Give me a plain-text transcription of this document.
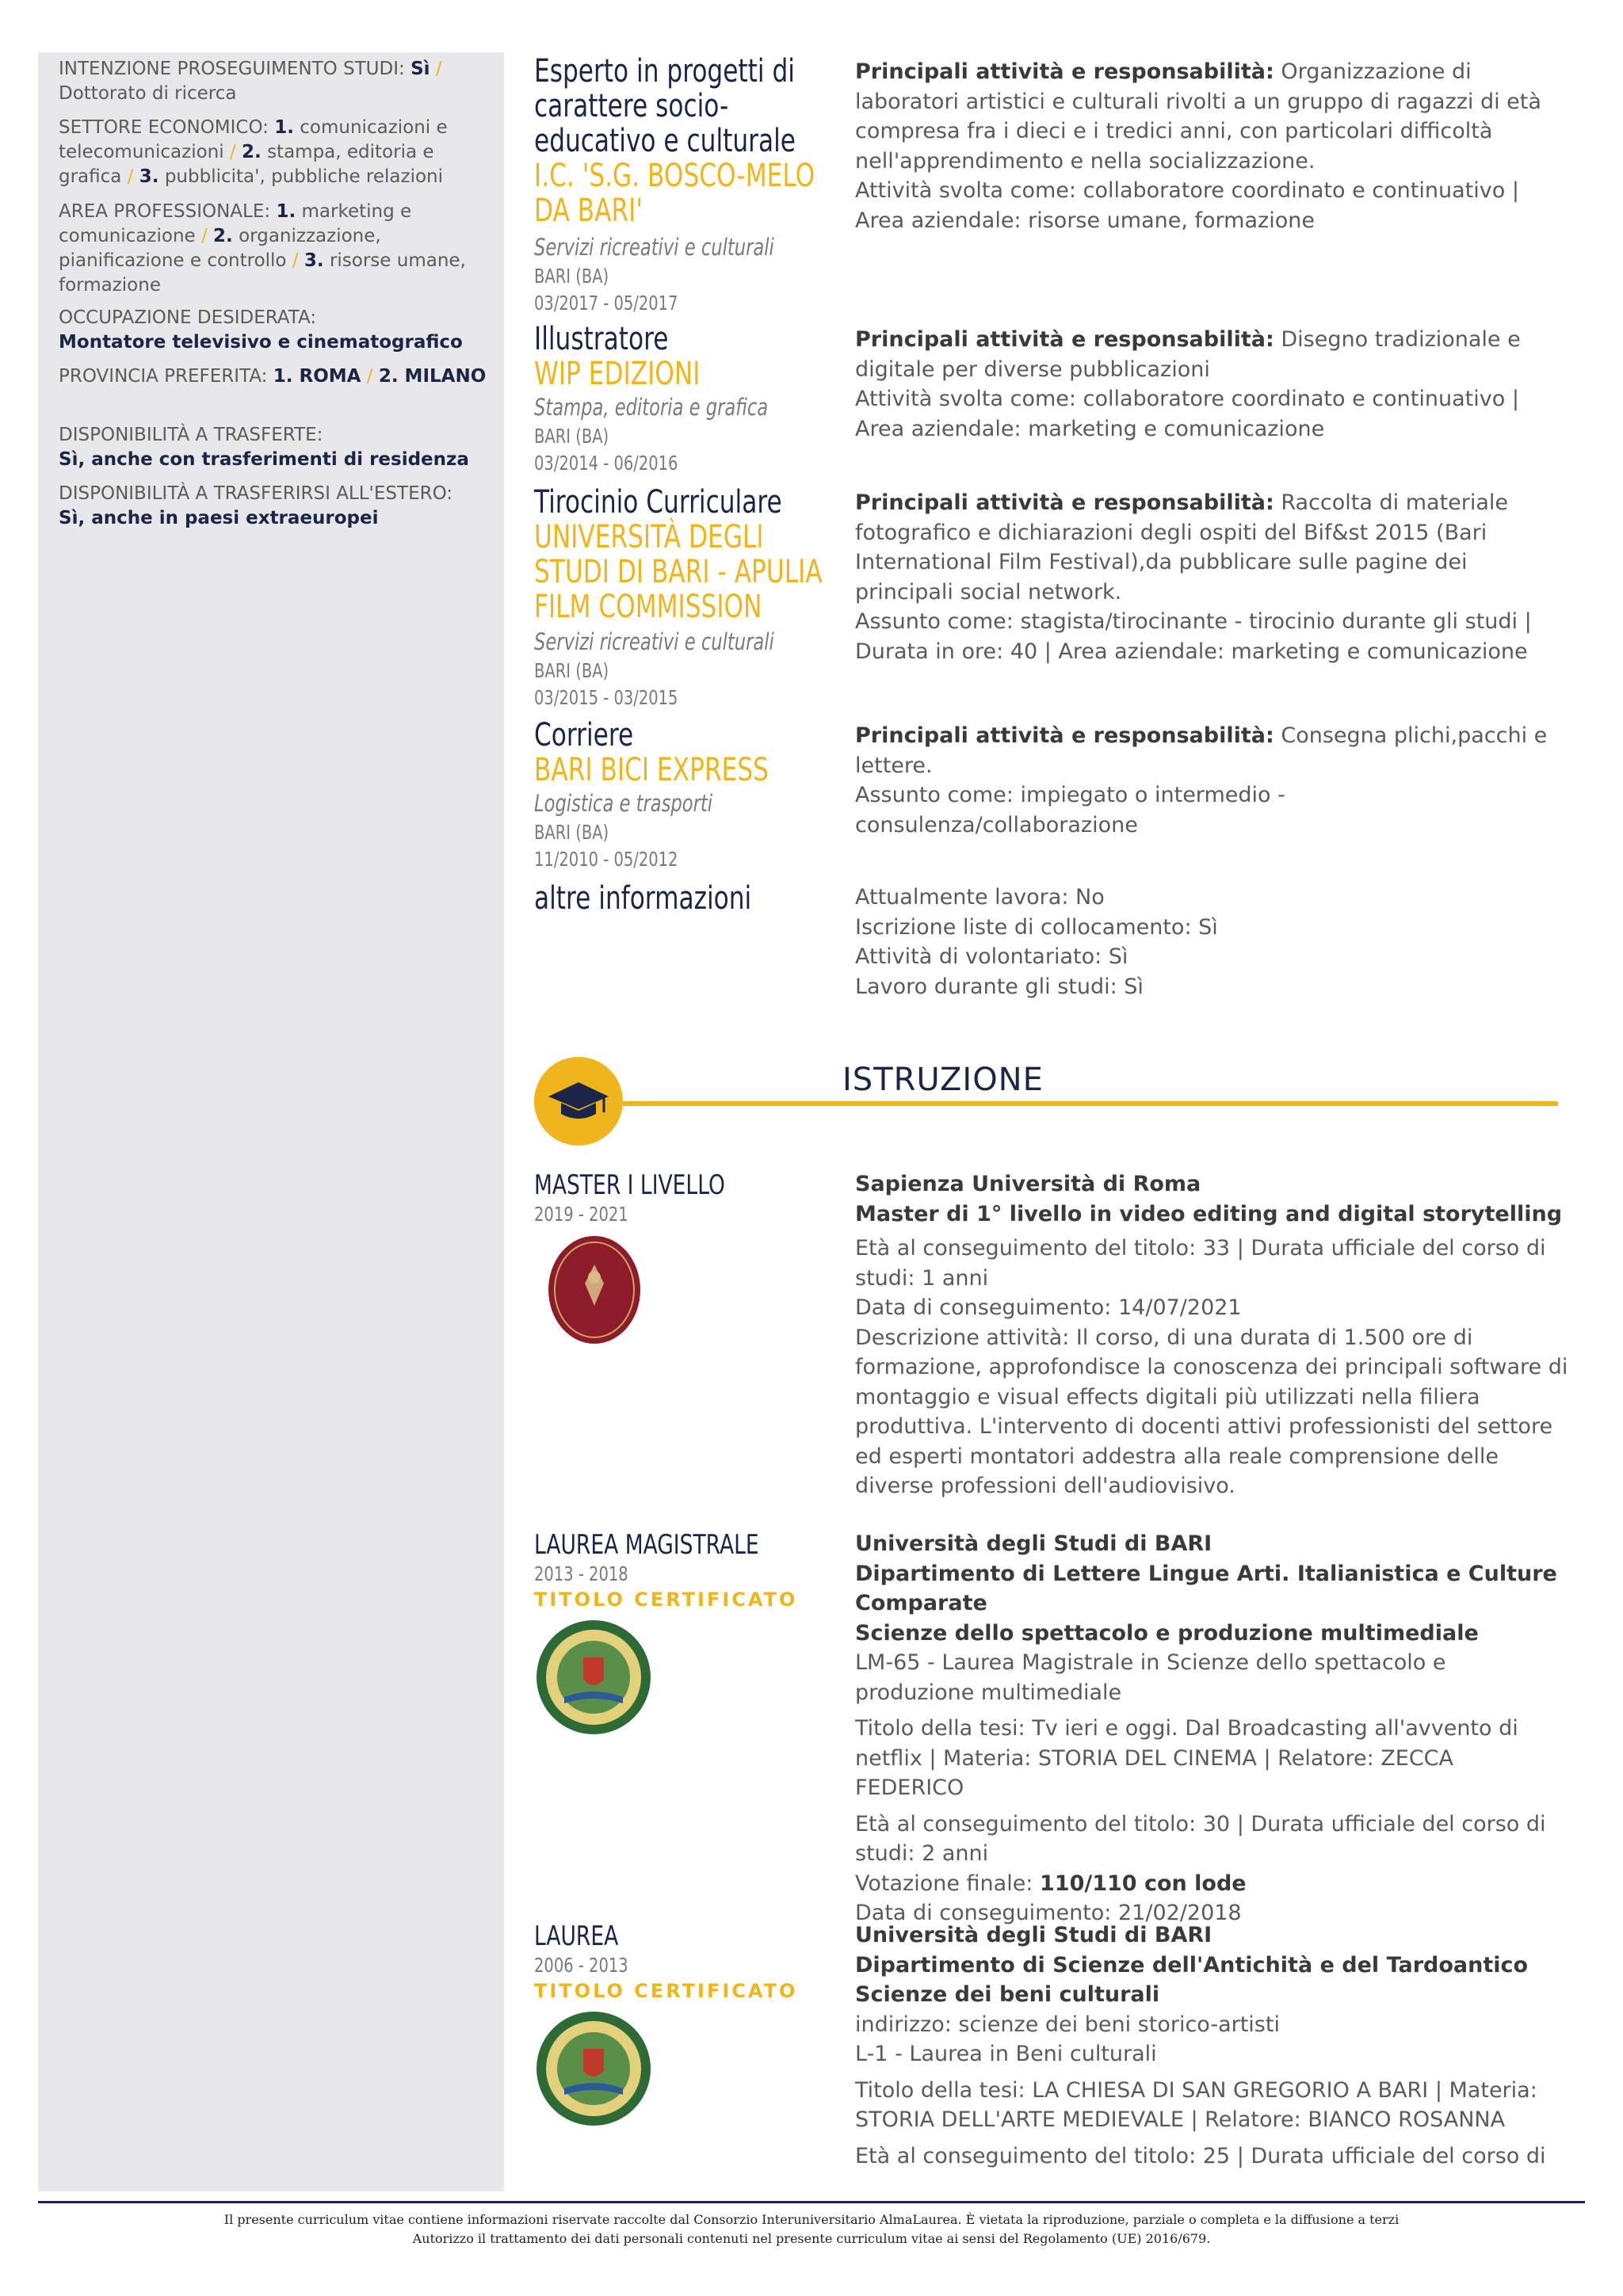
INTENZIONE PROSEGUIMENTO STUDI: Sì /
Dottorato di ricerca
SETTORE ECONOMICO: 1. comunicazioni e telecomunicazioni / 2. stampa, editoria e grafica / 3. pubblicita', pubbliche relazioni
AREA PROFESSIONALE: 1. marketing e comunicazione / 2. organizzazione, pianificazione e controllo / 3. risorse umane, formazione
OCCUPAZIONE DESIDERATA:
Montatore televisivo e cinematografico
PROVINCIA PREFERITA: 1. ROMA / 2. MILANO
DISPONIBILITÀ A TRASFERTE:
Sì, anche con trasferimenti di residenza
DISPONIBILITÀ A TRASFERIRSI ALL'ESTERO:
Sì, anche in paesi extraeuropei
Esperto in progetti di carattere socio-educativo e culturale
I.C. 'S.G. BOSCO-MELO DA BARI'
Servizi ricreativi e culturali
BARI (BA)
03/2017 - 05/2017
Principali attività e responsabilità: Organizzazione di laboratori artistici e culturali rivolti a un gruppo di ragazzi di età compresa fra i dieci e i tredici anni, con particolari difficoltà nell'apprendimento e nella socializzazione.
Attività svolta come: collaboratore coordinato e continuativo | Area aziendale: risorse umane, formazione
Illustratore
WIP EDIZIONI
Stampa, editoria e grafica
BARI (BA)
03/2014 - 06/2016
Principali attività e responsabilità: Disegno tradizionale e digitale per diverse pubblicazioni
Attività svolta come: collaboratore coordinato e continuativo | Area aziendale: marketing e comunicazione
Tirocinio Curriculare
UNIVERSITÀ DEGLI STUDI DI BARI - APULIA FILM COMMISSION
Servizi ricreativi e culturali
BARI (BA)
03/2015 - 03/2015
Principali attività e responsabilità: Raccolta di materiale fotografico e dichiarazioni degli ospiti del Bif&st 2015 (Bari International Film Festival),da pubblicare sulle pagine dei principali social network.
Assunto come: stagista/tirocinante - tirocinio durante gli studi | Durata in ore: 40 | Area aziendale: marketing e comunicazione
Corriere
BARI BICI EXPRESS
Logistica e trasporti
BARI (BA)
11/2010 - 05/2012
Principali attività e responsabilità: Consegna plichi,pacchi e lettere.
Assunto come: impiegato o intermedio - consulenza/collaborazione
altre informazioni	Attualmente lavora: No
Iscrizione liste di collocamento: Sì
Attività di volontariato: Sì
Lavoro durante gli studi: Sì
ISTRUZIONE
MASTER I LIVELLO
2019 - 2021
Sapienza Università di Roma
Master di 1° livello in video editing and digital storytelling
Età al conseguimento del titolo: 33 | Durata ufficiale del corso di studi: 1 anni
Data di conseguimento: 14/07/2021
Descrizione attività: Il corso, di una durata di 1.500 ore di formazione, approfondisce la conoscenza dei principali software di montaggio e visual effects digitali più utilizzati nella filiera produttiva. L'intervento di docenti attivi professionisti del settore ed esperti montatori addestra alla reale comprensione delle diverse professioni dell'audiovisivo.
LAUREA MAGISTRALE
2013 - 2018
TITOLO CERTIFICATO
Università degli Studi di BARI
Dipartimento di Lettere Lingue Arti. Italianistica e Culture Comparate
Scienze dello spettacolo e produzione multimediale
LM-65 - Laurea Magistrale in Scienze dello spettacolo e produzione multimediale
Titolo della tesi: Tv ieri e oggi. Dal Broadcasting all'avvento di netflix | Materia: STORIA DEL CINEMA | Relatore: ZECCA FEDERICO
Età al conseguimento del titolo: 30 | Durata ufficiale del corso di studi: 2 anni
Votazione finale: 110/110 con lode
Data di conseguimento: 21/02/2018
LAUREA
2006 - 2013
TITOLO CERTIFICATO
Università degli Studi di BARI
Dipartimento di Scienze dell'Antichità e del Tardoantico
Scienze dei beni culturali
indirizzo: scienze dei beni storico-artisti
L-1 - Laurea in Beni culturali
Titolo della tesi: LA CHIESA DI SAN GREGORIO A BARI | Materia: STORIA DELL'ARTE MEDIEVALE | Relatore: BIANCO ROSANNA
Età al conseguimento del titolo: 25 | Durata ufficiale del corso di
Il presente curriculum vitae contiene informazioni riservate raccolte dal Consorzio Interuniversitario AlmaLaurea. È vietata la riproduzione, parziale o completa e la diffusione a terzi
Autorizzo il trattamento dei dati personali contenuti nel presente curriculum vitae ai sensi del Regolamento (UE) 2016/679.
